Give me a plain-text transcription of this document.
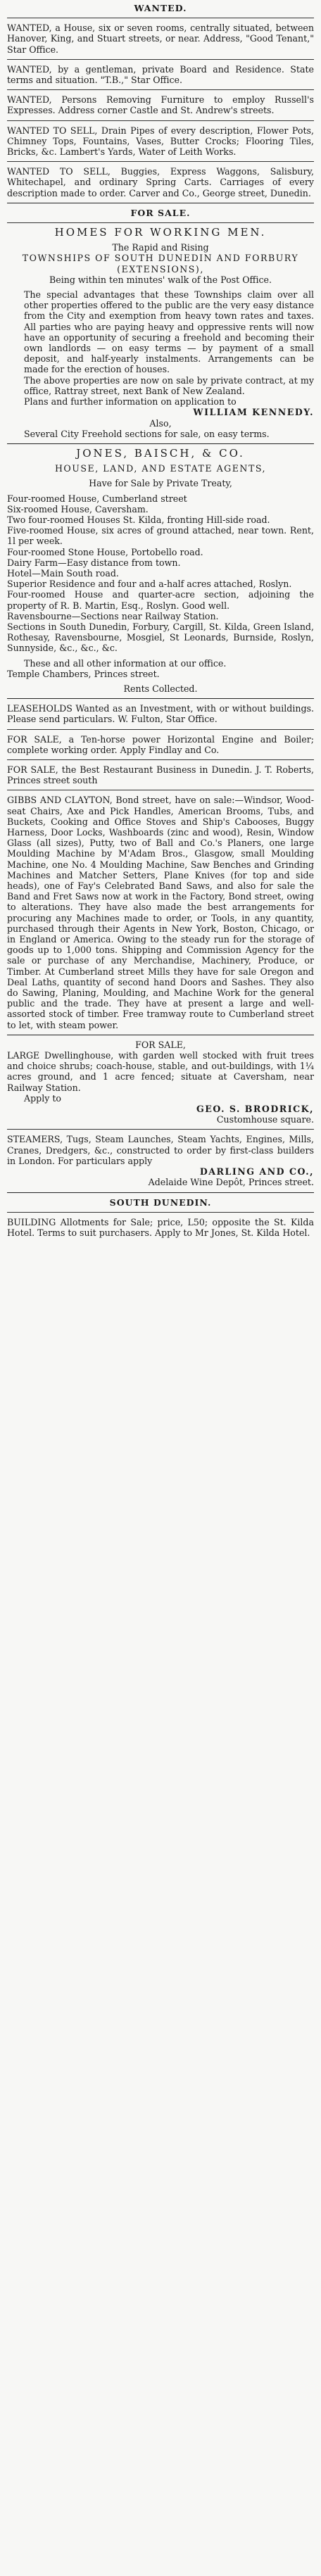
WANTED.

WANTED, a House, six or seven rooms, centrally situated, between Hanover, King, and Stuart streets, or near. Address, "Good Tenant," Star Office.

WANTED, by a gentleman, private Board and Residence. State terms and situation. "T.B.," Star Office.

WANTED, Persons Removing Furniture to employ Russell's Expresses. Address corner Castle and St. Andrew's streets.

WANTED TO SELL, Drain Pipes of every description, Flower Pots, Chimney Tops, Fountains, Vases, Butter Crocks; Flooring Tiles, Bricks, &c. Lambert's Yards, Water of Leith Works.

WANTED TO SELL, Buggies, Express Waggons, Salisbury, Whitechapel, and ordinary Spring Carts. Carriages of every description made to order. Carver and Co., George street, Dunedin.

FOR SALE.
HOMES FOR WORKING MEN.
The Rapid and Rising
TOWNSHIPS OF SOUTH DUNEDIN AND FORBURY (EXTENSIONS),
Being within ten minutes' walk of the Post Office.

The special advantages that these Townships claim over all other properties offered to the public are the very easy distance from the City and exemption from heavy town rates and taxes. All parties who are paying heavy and oppressive rents will now have an opportunity of securing a freehold and becoming their own landlords — on easy terms — by payment of a small deposit, and half-yearly instalments. Arrangements can be made for the erection of houses.

The above properties are now on sale by private contract, at my office, Rattray street, next Bank of New Zealand.

Plans and further information on application to

WILLIAM KENNEDY.
Also,

Several City Freehold sections for sale, on easy terms.

JONES, BAISCH, & CO.
HOUSE, LAND, AND ESTATE AGENTS,
Have for Sale by Private Treaty,

Four-roomed House, Cumberland street

Six-roomed House, Caversham.

Two four-roomed Houses St. Kilda, fronting Hill-side road.

Five-roomed House, six acres of ground attached, near town. Rent, 1l per week.

Four-roomed Stone House, Portobello road.

Dairy Farm—Easy distance from town.

Hotel—Main South road.

Superior Residence and four and a-half acres attached, Roslyn.

Four-roomed House and quarter-acre section, adjoining the property of R. B. Martin, Esq., Roslyn. Good well.

Ravensbourne—Sections near Railway Station.

Sections in South Dunedin, Forbury, Cargill, St. Kilda, Green Island, Rothesay, Ravensbourne, Mosgiel, St Leonards, Burnside, Roslyn, Sunnyside, &c., &c., &c.

These and all other information at our office.

Temple Chambers, Princes street.

Rents Collected.

LEASEHOLDS Wanted as an Investment, with or without buildings. Please send particulars. W. Fulton, Star Office.

FOR SALE, a Ten-horse power Horizontal Engine and Boiler; complete working order. Apply Findlay and Co.

FOR SALE, the Best Restaurant Business in Dunedin. J. T. Roberts, Princes street south

GIBBS AND CLAYTON, Bond street, have on sale:—Windsor, Wood-seat Chairs, Axe and Pick Handles, American Brooms, Tubs, and Buckets, Cooking and Office Stoves and Ship's Cabooses, Buggy Harness, Door Locks, Washboards (zinc and wood), Resin, Window Glass (all sizes), Putty, two of Ball and Co.'s Planers, one large Moulding Machine by M'Adam Bros., Glasgow, small Moulding Machine, one No. 4 Moulding Machine, Saw Benches and Grinding Machines and Matcher Setters, Plane Knives (for top and side heads), one of Fay's Celebrated Band Saws, and also for sale the Band and Fret Saws now at work in the Factory, Bond street, owing to alterations. They have also made the best arrangements for procuring any Machines made to order, or Tools, in any quantity, purchased through their Agents in New York, Boston, Chicago, or in England or America. Owing to the steady run for the storage of goods up to 1,000 tons. Shipping and Commission Agency for the sale or purchase of any Merchandise, Machinery, Produce, or Timber. At Cumberland street Mills they have for sale Oregon and Deal Laths, quantity of second hand Doors and Sashes. They also do Sawing, Planing, Moulding, and Machine Work for the general public and the trade. They have at present a large and well-assorted stock of timber. Free tramway route to Cumberland street to let, with steam power.

FOR SALE,

LARGE Dwellinghouse, with garden well stocked with fruit trees and choice shrubs; coach-house, stable, and out-buildings, with 1¼ acres ground, and 1 acre fenced; situate at Caversham, near Railway Station.

Apply to

GEO. S. BRODRICK,
Customhouse square.

STEAMERS, Tugs, Steam Launches, Steam Yachts, Engines, Mills, Cranes, Dredgers, &c., constructed to order by first-class builders in London. For particulars apply

DARLING AND CO.,
Adelaide Wine Depôt, Princes street.
SOUTH DUNEDIN.

BUILDING Allotments for Sale; price, L50; opposite the St. Kilda Hotel. Terms to suit purchasers. Apply to Mr Jones, St. Kilda Hotel.
